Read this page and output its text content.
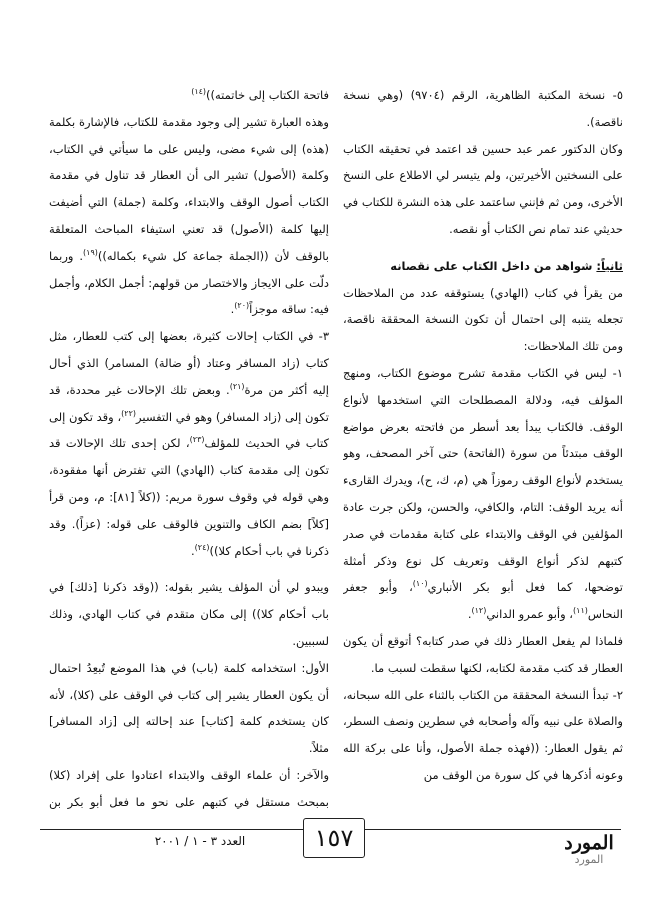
٥- نسخة المكتبة الظاهرية، الرقم (٩٧٠٤) (وهي نسخة ناقصة).

وكان الدكتور عمر عبد حسين قد اعتمد في تحقيقه الكتاب على النسختين الأخيرتين، ولم يتيسر لي الاطلاع على النسخ الأخرى، ومن ثم فإنني ساعتمد على هذه النشرة للكتاب في حديثي عند تمام نص الكتاب أو نقصه.

ثانياً: شواهد من داخل الكتاب على نقصانه

من يقرأ في كتاب (الهادي) يستوقفه عدد من الملاحظات تجعله يتنبه إلى احتمال أن تكون النسخة المحققة ناقصة، ومن تلك الملاحظات:

١- ليس في الكتاب مقدمة تشرح موضوع الكتاب، ومنهج المؤلف فيه، ودلالة المصطلحات التي استخدمها لأنواع الوقف. فالكتاب يبدأ بعد أسطر من فاتحته بعرض مواضع الوقف مبتدئاً من سورة (الفاتحة) حتى آخر المصحف، وهو يستخدم لأنواع الوقف رموزاً هي (م، ك، ح)، ويدرك القارىء أنه يريد الوقف: التام، والكافي، والحسن، ولكن جرت عادة المؤلفين في الوقف والابتداء على كتابة مقدمات في صدر كتبهم لذكر أنواع الوقف وتعريف كل نوع وذكر أمثلة توضحها، كما فعل أبو بكر الأنباري$^{(١٠)}$، وأبو جعفر النحاس$^{(١١)}$، وأبو عمرو الداني$^{(١٢)}$.

فلماذا لم يفعل العطار ذلك في صدر كتابه؟ أتوقع أن يكون العطار قد كتب مقدمة لكتابه، لكنها سقطت لسبب ما.

٢- تبدأ النسخة المحققة من الكتاب بالثناء على الله سبحانه، والصلاة على نبيه وآله وأصحابه في سطرين ونصف السطر، ثم يقول العطار: ((فهذه جملة الأصول، وأنا على بركة الله وعونه أذكرها في كل سورة من الوقف من

فاتحة الكتاب إلى خاتمته))$^{(١٤)}$

وهذه العبارة تشير إلى وجود مقدمة للكتاب، فالإشارة بكلمة (هذه) إلى شيء مضى، وليس على ما سيأتي في الكتاب، وكلمة (الأصول) تشير الى أن العطار قد تناول في مقدمة الكتاب أصول الوقف والابتداء، وكلمة (جملة) التي أضيفت إليها كلمة (الأصول) قد تعني استيفاء المباحث المتعلقة بالوقف لأن ((الجملة جماعة كل شيء بكماله))$^{(١٩)}$. وربما دلّت على الايجاز والاختصار من قولهم: أجمل الكلام، وأجمل فيه: ساقه موجزاً$^{(٢٠)}$.

٣- في الكتاب إحالات كثيرة، بعضها إلى كتب للعطار، مثل كتاب (زاد المسافر وعتاد (أو ضالة) المسامر) الذي أحال إليه أكثر من مرة$^{(٢١)}$. وبعض تلك الإحالات غير محددة، قد تكون إلى (زاد المسافر) وهو في التفسير$^{(٢٢)}$، وقد تكون إلى كتاب في الحديث للمؤلف$^{(٢٣)}$، لكن إحدى تلك الإحالات قد تكون إلى مقدمة كتاب (الهادي) التي تفترض أنها مفقودة، وهي قوله في وقوف سورة مريم: ((كلاً [٨١]: م، ومن قرأ [كلاً] بضم الكاف والتنوين فالوقف على قوله: (عزاً). وقد ذكرنا في باب أحكام كلا))$^{(٢٤)}$.

ويبدو لي أن المؤلف يشير بقوله: ((وقد ذكرنا [ذلك] في باب أحكام كلا)) إلى مكان متقدم في كتاب الهادي، وذلك لسببين.

الأول: استخدامه كلمة (باب) في هذا الموضع تُبعِدُ احتمال أن يكون العطار يشير إلى كتاب في الوقف على (كلا)، لأنه كان يستخدم كلمة [كتاب] عند إحالته إلى [زاد المسافر] مثلاً.

والآخر: أن علماء الوقف والابتداء اعتادوا على إفراد (كلا) بمبحث مستقل في كتبهم على نحو ما فعل أبو بكر بن

العدد ٣ - ١ / ٢٠٠١	١٥٧	المورد
المورد
